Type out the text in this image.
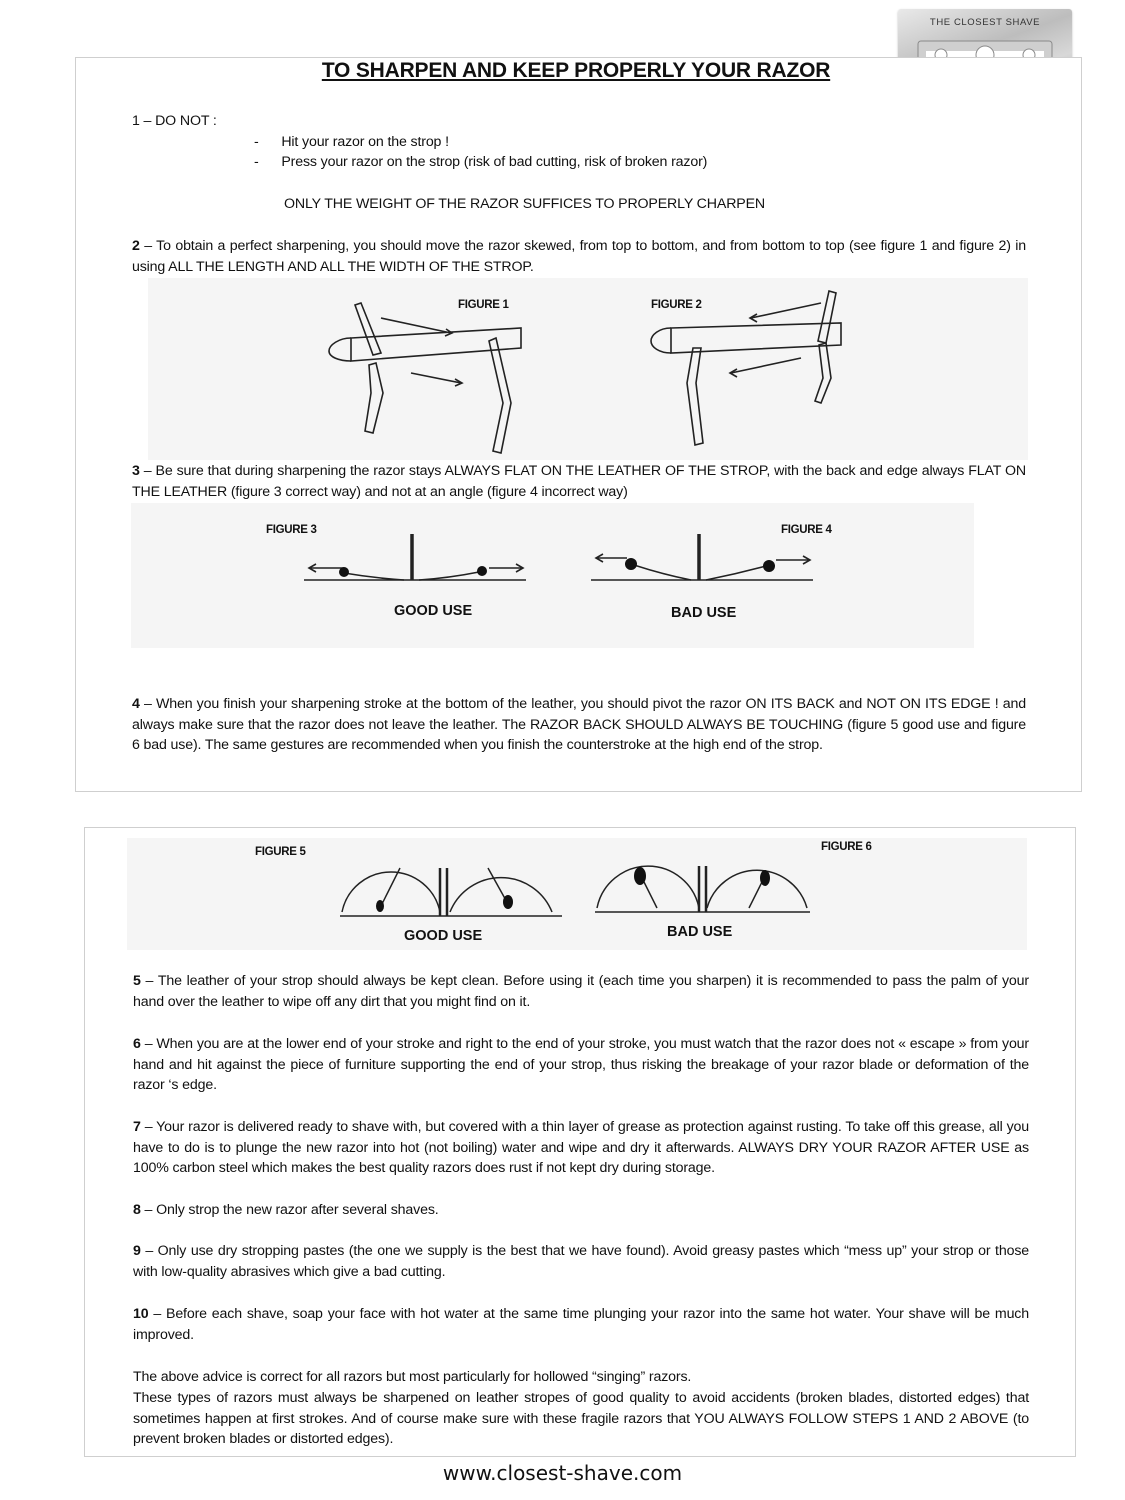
THE CLOSEST SHAVE
TO SHARPEN AND KEEP PROPERLY YOUR RAZOR
1 – DO NOT :
-      Hit your razor on the strop !
-      Press your razor on the strop (risk of bad cutting, risk of broken razor)
ONLY THE WEIGHT OF THE RAZOR SUFFICES TO PROPERLY CHARPEN
2 – To obtain a perfect sharpening, you should move the razor skewed, from top to bottom, and from bottom to top (see figure 1 and figure 2) in using ALL THE LENGTH AND ALL THE WIDTH OF THE STROP.
FIGURE 1	FIGURE 2
3 – Be sure that during sharpening the razor stays ALWAYS FLAT ON THE LEATHER OF THE STROP, with the back and edge always FLAT ON THE LEATHER (figure 3 correct way) and not at an angle (figure 4 incorrect way)
FIGURE 3	FIGURE 4
GOOD USE	BAD USE
4 – When you finish your sharpening stroke at the bottom of the leather, you should pivot the razor ON ITS BACK and NOT ON ITS EDGE ! and always make sure that the razor does not leave the leather. The RAZOR BACK SHOULD ALWAYS BE TOUCHING (figure 5 good use and figure 6 bad use). The same gestures are recommended when you finish the counterstroke at the high end of the strop.
FIGURE 5	FIGURE 6
GOOD USE	BAD USE
5 – The leather of your strop should always be kept clean. Before using it (each time you sharpen) it is recommended to pass the palm of your hand over the leather to wipe off any dirt that you might find on it.
6 – When you are at the lower end of your stroke and right to the end of your stroke, you must watch that the razor does not « escape » from your hand and hit against the piece of furniture supporting the end of your strop, thus risking the breakage of your razor blade or deformation of the razor ‘s edge.
7 – Your razor is delivered ready to shave with, but covered with a thin layer of grease as protection against rusting. To take off this grease, all you have to do is to plunge the new razor into hot (not boiling) water and wipe and dry it afterwards. ALWAYS DRY YOUR RAZOR AFTER USE as 100% carbon steel which makes the best quality razors does rust if not kept dry during storage.
8 – Only strop the new razor after several shaves.
9 – Only use dry stropping pastes (the one we supply is the best that we have found). Avoid greasy pastes which “mess up” your strop or those with low-quality abrasives which give a bad cutting.
10 – Before each shave, soap your face with hot water at the same time plunging your razor into the same hot water. Your shave will be much improved.
The above advice is correct for all razors but most particularly for hollowed “singing” razors.
These types of razors must always be sharpened on leather stropes of good quality to avoid accidents (broken blades, distorted edges) that sometimes happen at first strokes. And of course make sure with these fragile razors that YOU ALWAYS FOLLOW STEPS 1 AND 2 ABOVE (to prevent broken blades or distorted edges).
www.closest-shave.com
